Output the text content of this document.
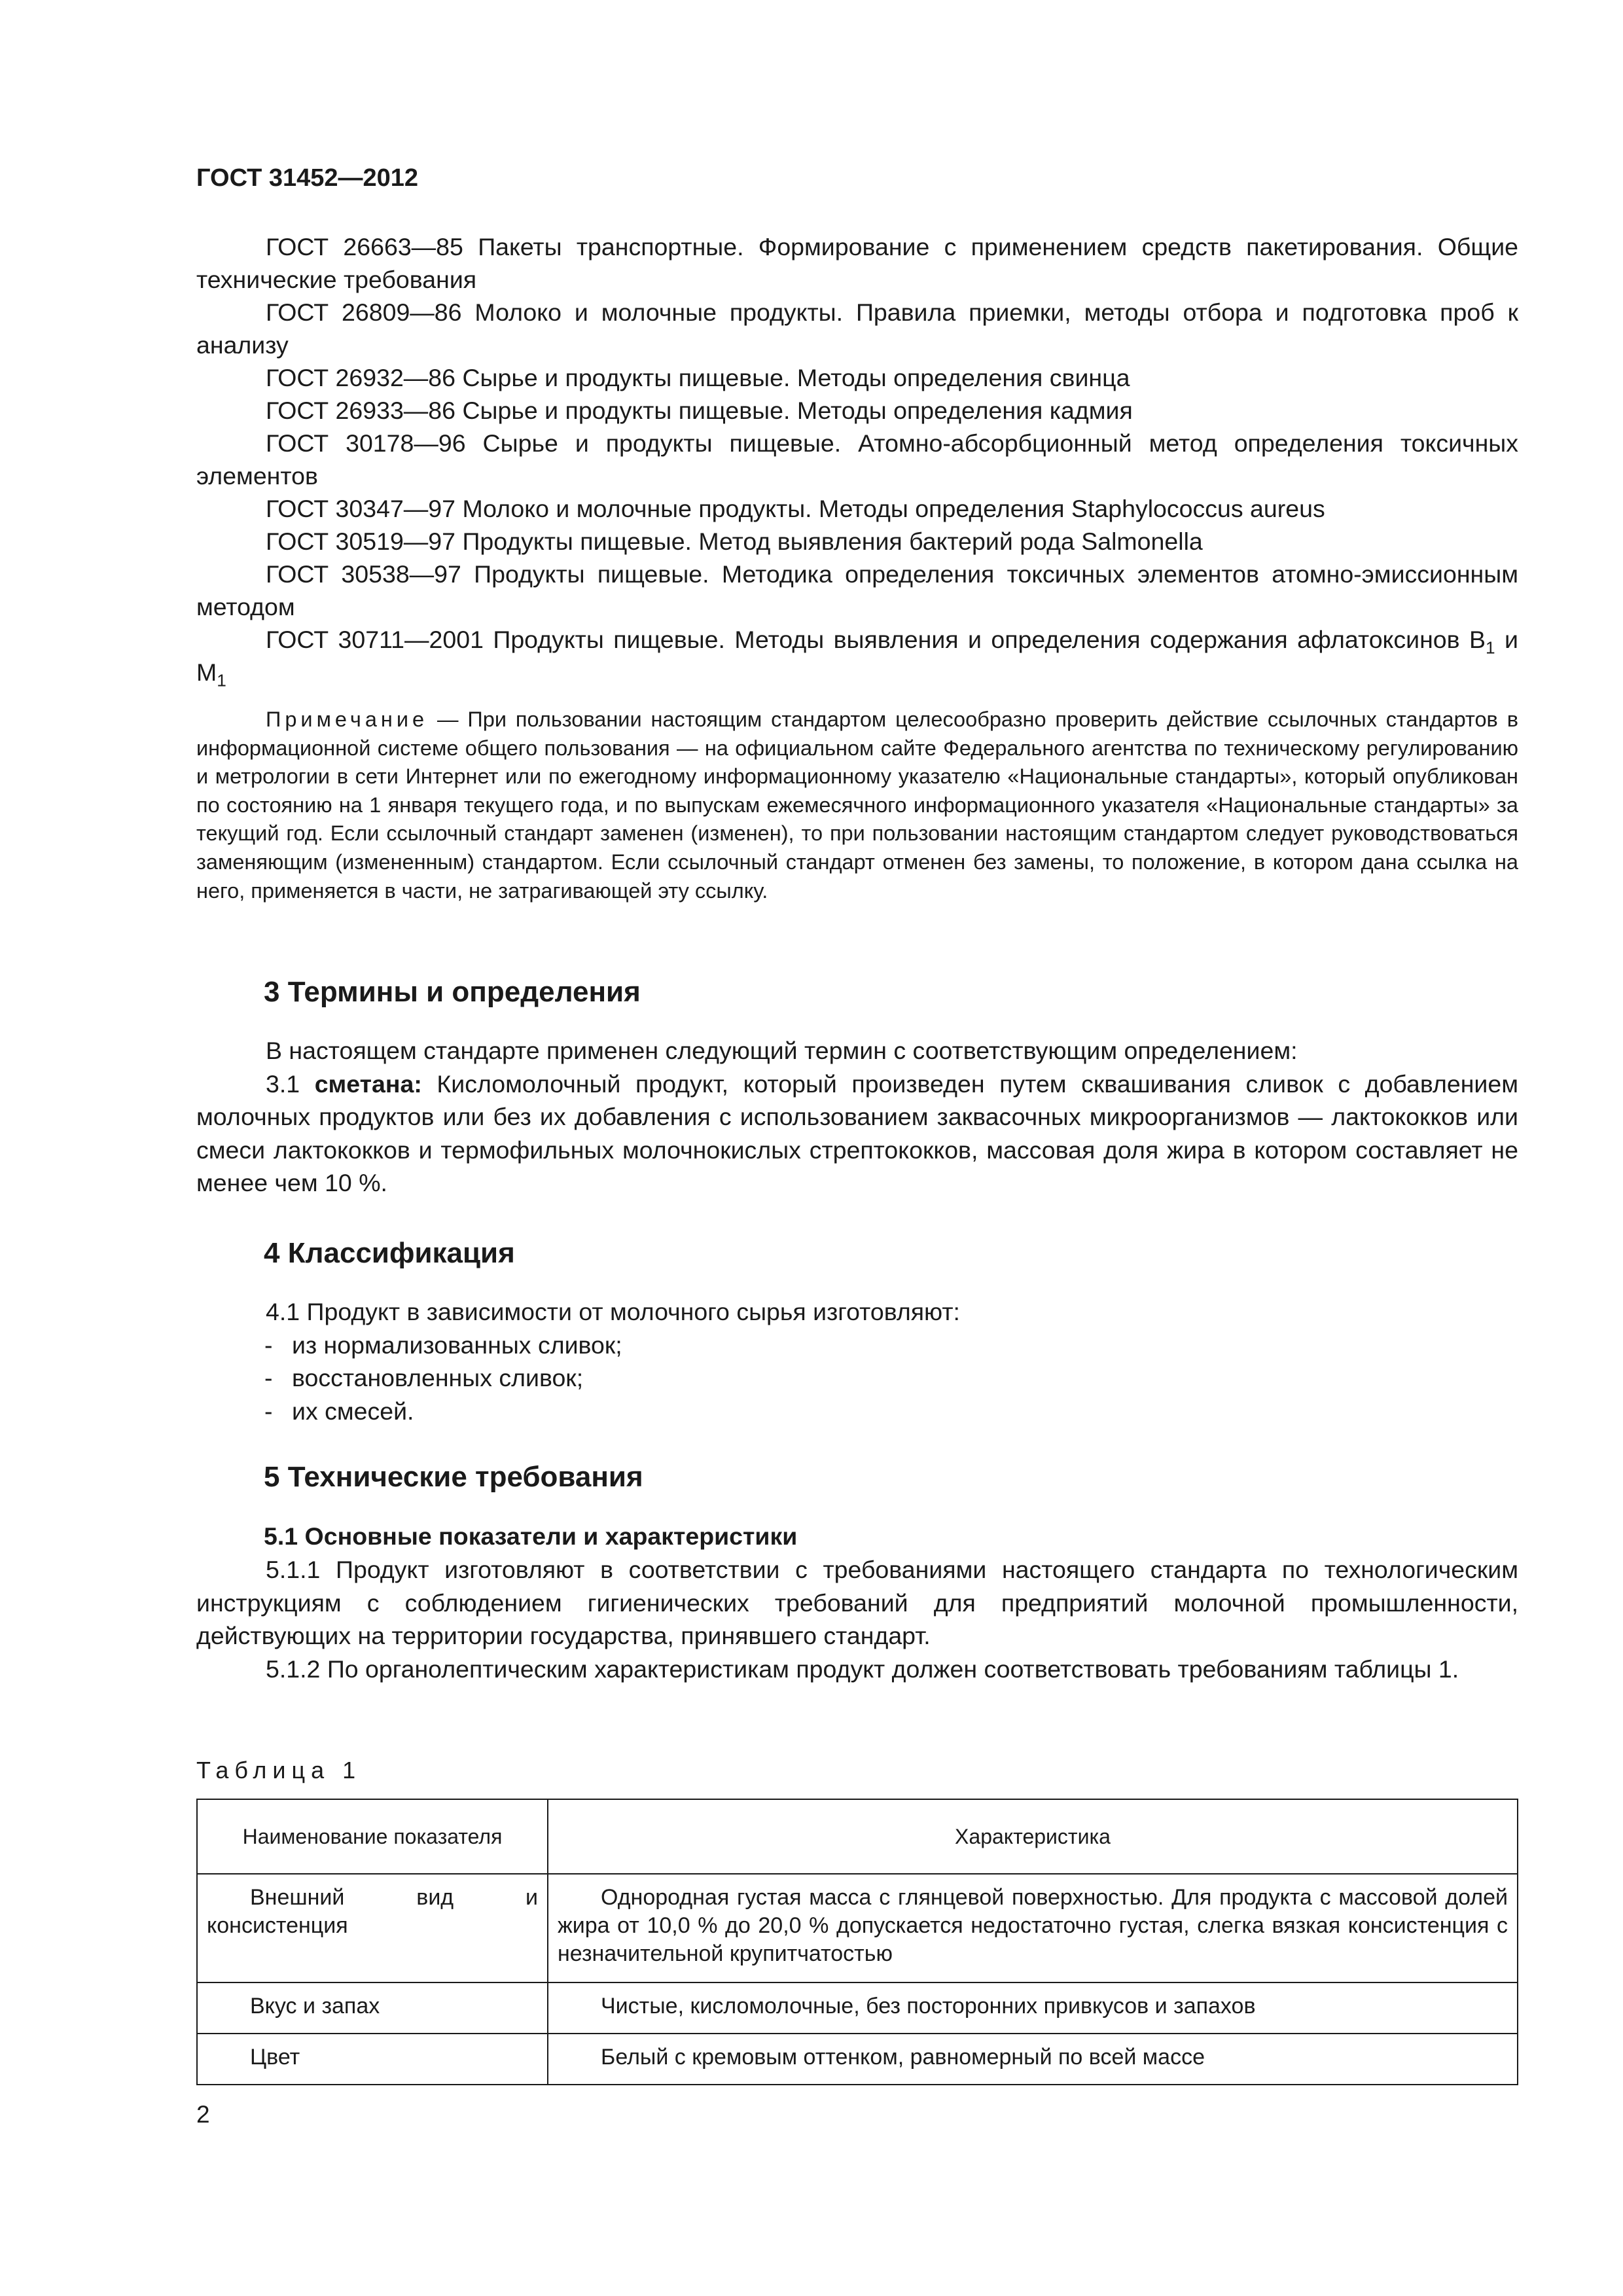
ГОСТ 31452—2012

ГОСТ 26663—85 Пакеты транспортные. Формирование с применением средств пакетирования. Общие технические требования

ГОСТ 26809—86 Молоко и молочные продукты. Правила приемки, методы отбора и подготовка проб к анализу

ГОСТ 26932—86 Сырье и продукты пищевые. Методы определения свинца

ГОСТ 26933—86 Сырье и продукты пищевые. Методы определения кадмия

ГОСТ 30178—96 Сырье и продукты пищевые. Атомно-абсорбционный метод определения токсичных элементов

ГОСТ 30347—97 Молоко и молочные продукты. Методы определения Staphylococcus aureus

ГОСТ 30519—97 Продукты пищевые. Метод выявления бактерий рода Salmonella

ГОСТ 30538—97 Продукты пищевые. Методика определения токсичных элементов атомно-эмиссионным методом

ГОСТ 30711—2001 Продукты пищевые. Методы выявления и определения содержания афлатоксинов $B_1$ и $M_1$

Примечание — При пользовании настоящим стандартом целесообразно проверить действие ссылочных стандартов в информационной системе общего пользования — на официальном сайте Федерального агентства по техническому регулированию и метрологии в сети Интернет или по ежегодному информационному указателю «Национальные стандарты», который опубликован по состоянию на 1 января текущего года, и по выпускам ежемесячного информационного указателя «Национальные стандарты» за текущий год. Если ссылочный стандарт заменен (изменен), то при пользовании настоящим стандартом следует руководствоваться заменяющим (измененным) стандартом. Если ссылочный стандарт отменен без замены, то положение, в котором дана ссылка на него, применяется в части, не затрагивающей эту ссылку.

3 Термины и определения

В настоящем стандарте применен следующий термин с соответствующим определением:

3.1 сметана: Кисломолочный продукт, который произведен путем сквашивания сливок с добавлением молочных продуктов или без их добавления с использованием заквасочных микроорганизмов — лактококков или смеси лактококков и термофильных молочнокислых стрептококков, массовая доля жира в котором составляет не менее чем 10 %.

4 Классификация

4.1 Продукт в зависимости от молочного сырья изготовляют:

- из нормализованных сливок;

- восстановленных сливок;

- их смесей.

5 Технические требования
5.1 Основные показатели и характеристики

5.1.1 Продукт изготовляют в соответствии с требованиями настоящего стандарта по технологическим инструкциям с соблюдением гигиенических требований для предприятий молочной промышленности, действующих на территории государства, принявшего стандарт.

5.1.2 По органолептическим характеристикам продукт должен соответствовать требованиям таблицы 1.

Таблица 1
Наименование показателя	Характеристика
Внешний вид и консистенция	Однородная густая масса с глянцевой поверхностью. Для продукта с массовой долей жира от 10,0 % до 20,0 % допускается недостаточно густая, слегка вязкая консистенция с незначительной крупитчатостью
Вкус и запах	Чистые, кисломолочные, без посторонних привкусов и запахов
Цвет	Белый с кремовым оттенком, равномерный по всей массе
2
